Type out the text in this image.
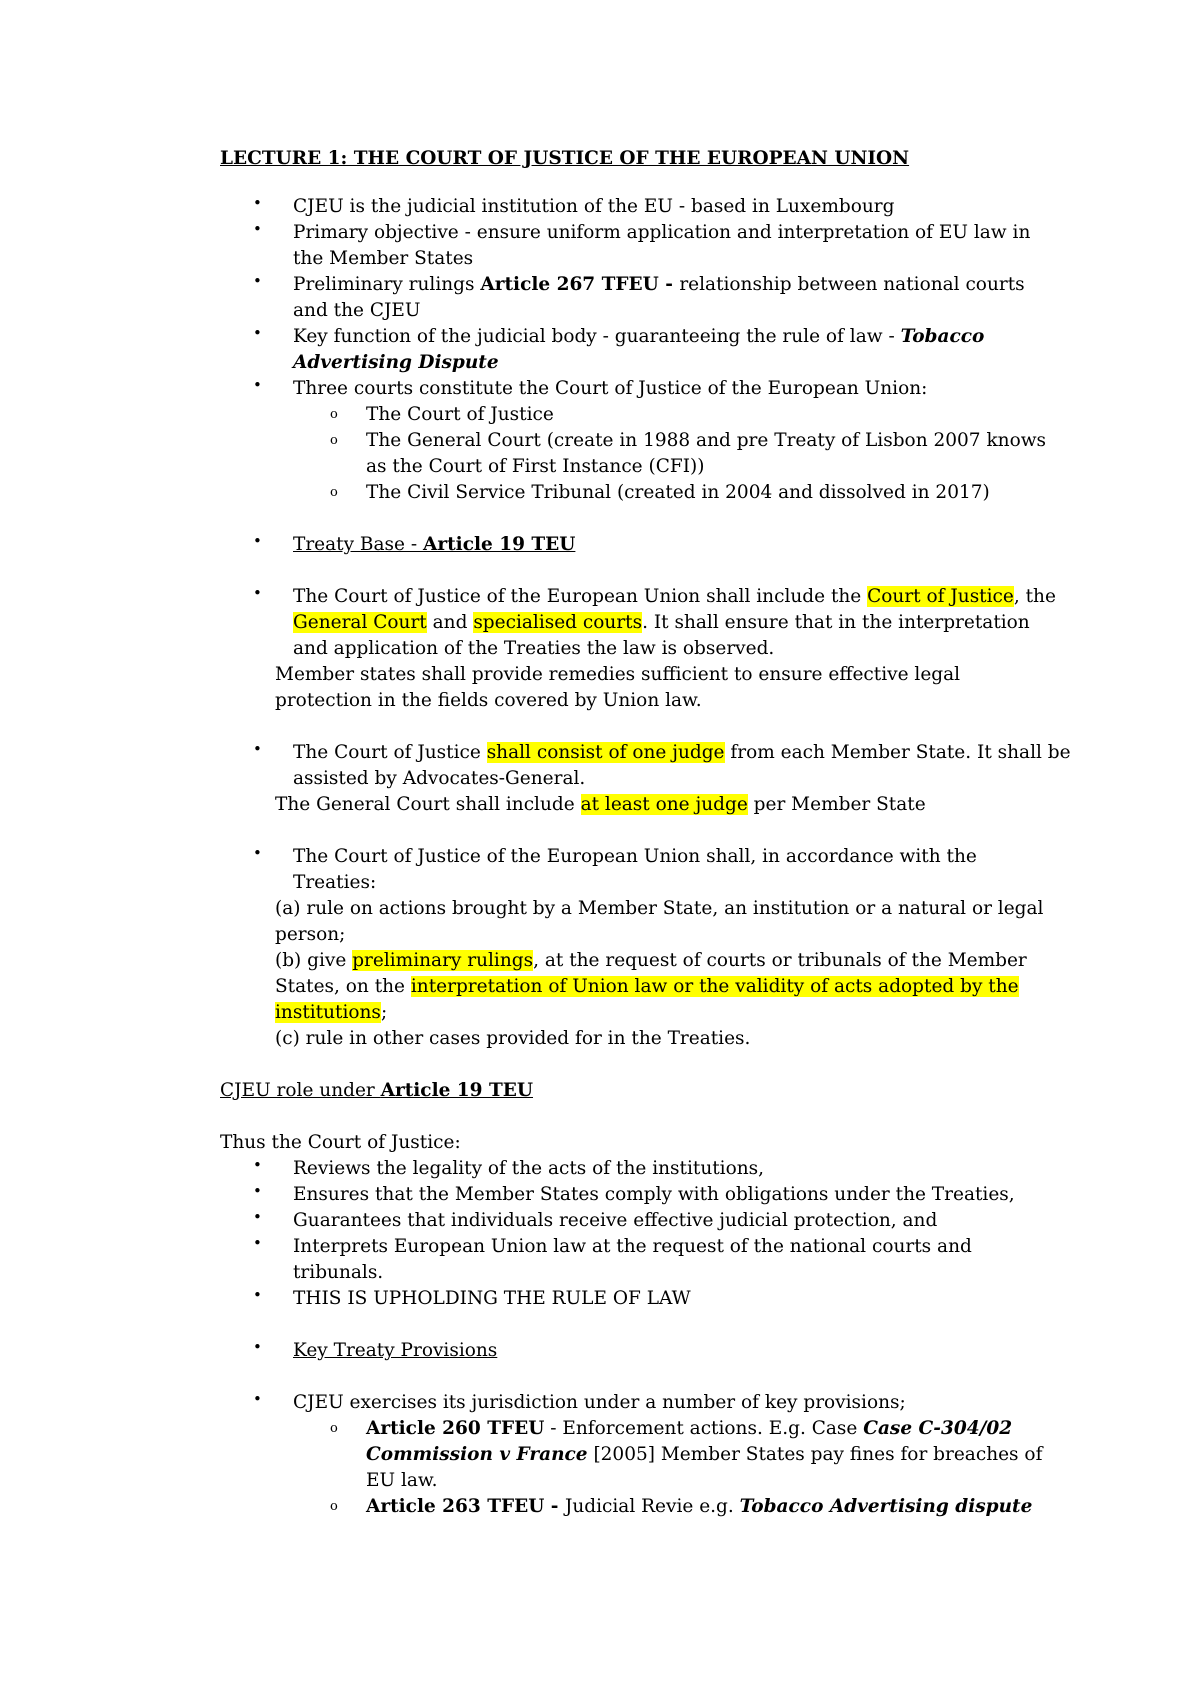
LECTURE 1: THE COURT OF JUSTICE OF THE EUROPEAN UNION
• CJEU is the judicial institution of the EU - based in Luxembourg
• Primary objective - ensure uniform application and interpretation of EU law in
the Member States
• Preliminary rulings Article 267 TFEU - relationship between national courts
and the CJEU
• Key function of the judicial body - guaranteeing the rule of law - Tobacco
Advertising Dispute
• Three courts constitute the Court of Justice of the European Union:
o The Court of Justice
o The General Court (create in 1988 and pre Treaty of Lisbon 2007 knows
as the Court of First Instance (CFI))
o The Civil Service Tribunal (created in 2004 and dissolved in 2017)
• Treaty Base - Article 19 TEU
• The Court of Justice of the European Union shall include the Court of Justice, the
General Court and specialised courts. It shall ensure that in the interpretation
and application of the Treaties the law is observed.
Member states shall provide remedies sufficient to ensure effective legal
protection in the fields covered by Union law.
• The Court of Justice shall consist of one judge from each Member State. It shall be
assisted by Advocates-General.
The General Court shall include at least one judge per Member State
• The Court of Justice of the European Union shall, in accordance with the
Treaties:
(a) rule on actions brought by a Member State, an institution or a natural or legal
person;
(b) give preliminary rulings, at the request of courts or tribunals of the Member
States, on the interpretation of Union law or the validity of acts adopted by the
institutions;
(c) rule in other cases provided for in the Treaties.
CJEU role under Article 19 TEU
Thus the Court of Justice:
• Reviews the legality of the acts of the institutions,
• Ensures that the Member States comply with obligations under the Treaties,
• Guarantees that individuals receive effective judicial protection, and
• Interprets European Union law at the request of the national courts and
tribunals.
• THIS IS UPHOLDING THE RULE OF LAW
• Key Treaty Provisions
• CJEU exercises its jurisdiction under a number of key provisions;
o Article 260 TFEU - Enforcement actions. E.g. Case Case C-304/02
Commission v France [2005] Member States pay fines for breaches of
EU law.
o Article 263 TFEU - Judicial Revie e.g. Tobacco Advertising dispute
